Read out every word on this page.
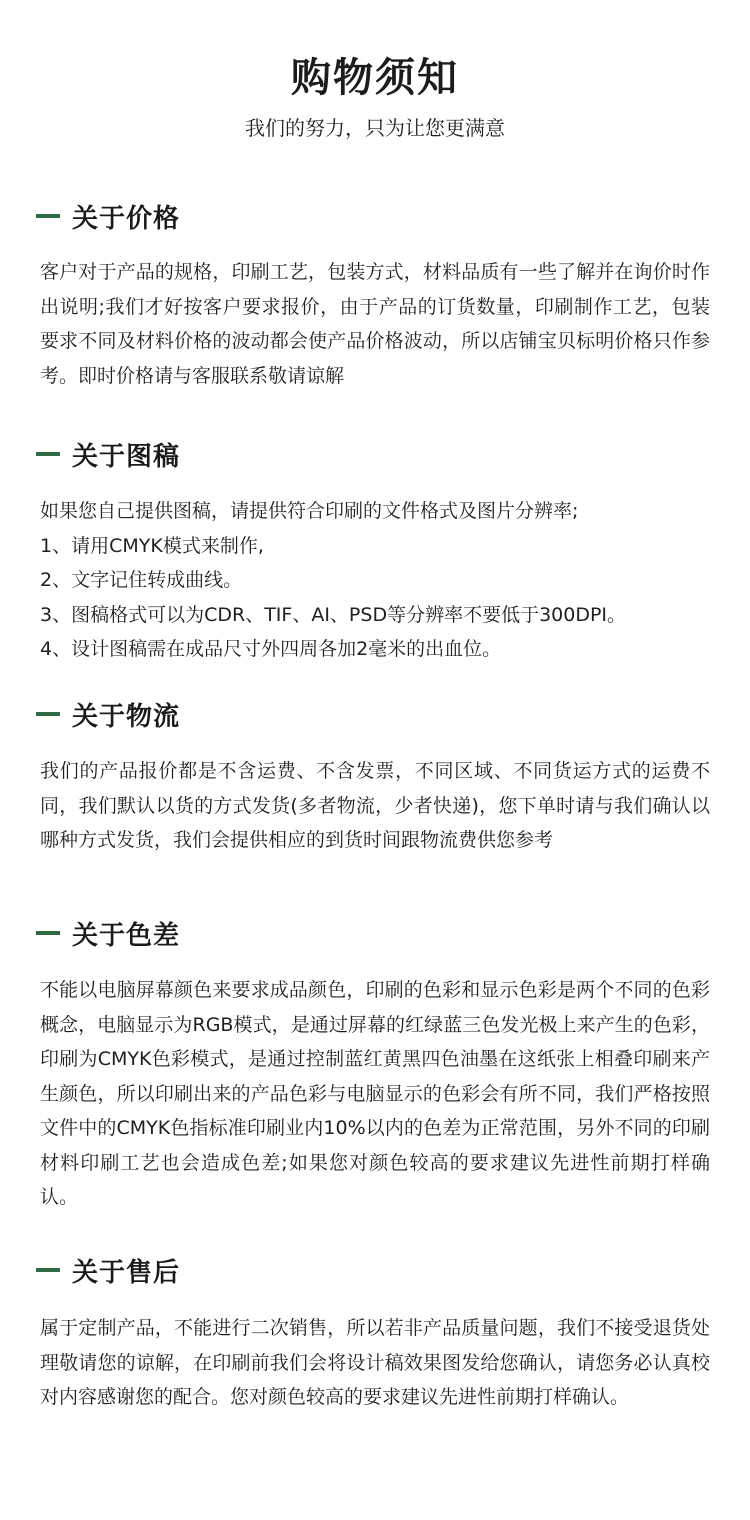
购物须知
我们的努力，只为让您更满意
关于价格
客户对于产品的规格，印刷工艺，包装方式，材料品质有一些了解并在询价时作出说明;我们才好按客户要求报价，由于产品的订货数量，印刷制作工艺，包装要求不同及材料价格的波动都会使产品价格波动，所以店铺宝贝标明价格只作参考。即时价格请与客服联系敬请谅解
关于图稿
如果您自己提供图稿，请提供符合印刷的文件格式及图片分辨率;
1、请用CMYK模式来制作,
2、文字记住转成曲线。
3、图稿格式可以为CDR、TIF、AI、PSD等分辨率不要低于300DPI。
4、设计图稿需在成品尺寸外四周各加2毫米的出血位。
关于物流
我们的产品报价都是不含运费、不含发票，不同区域、不同货运方式的运费不同，我们默认以货的方式发货(多者物流，少者快递)，您下单时请与我们确认以哪种方式发货，我们会提供相应的到货时间跟物流费供您参考
关于色差
不能以电脑屏幕颜色来要求成品颜色，印刷的色彩和显示色彩是两个不同的色彩概念，电脑显示为RGB模式，是通过屏幕的红绿蓝三色发光极上来产生的色彩，印刷为CMYK色彩模式，是通过控制蓝红黄黑四色油墨在这纸张上相叠印刷来产生颜色，所以印刷出来的产品色彩与电脑显示的色彩会有所不同，我们严格按照文件中的CMYK色指标准印刷业内10%以内的色差为正常范围，另外不同的印刷材料印刷工艺也会造成色差;如果您对颜色较高的要求建议先进性前期打样确认。
关于售后
属于定制产品，不能进行二次销售，所以若非产品质量问题，我们不接受退货处理敬请您的谅解，在印刷前我们会将设计稿效果图发给您确认，请您务必认真校对内容感谢您的配合。您对颜色较高的要求建议先进性前期打样确认。
